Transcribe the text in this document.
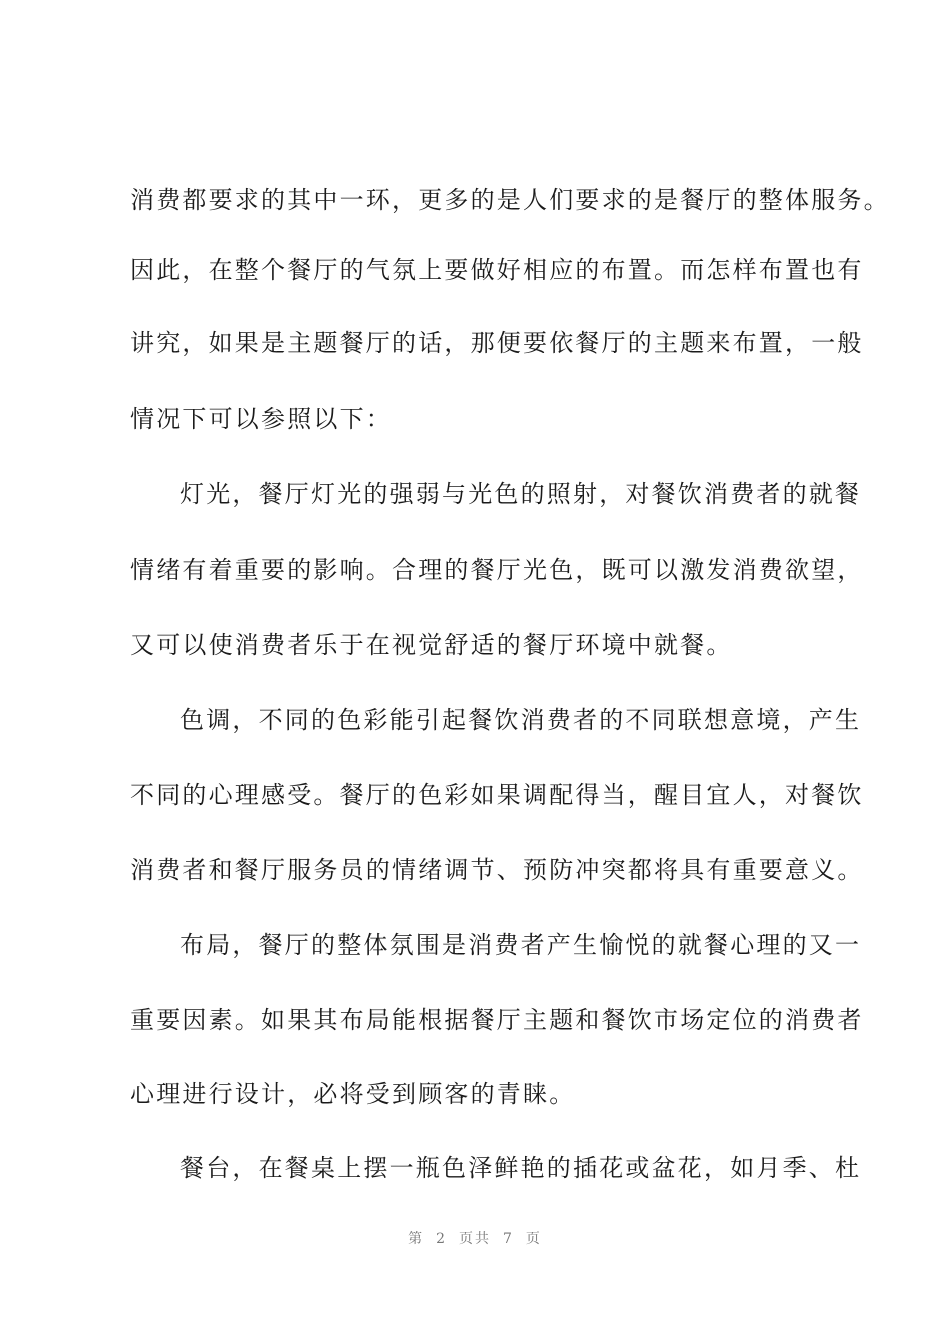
消费都要求的其中一环，更多的是人们要求的是餐厅的整体服务。
因此，在整个餐厅的气氛上要做好相应的布置。而怎样布置也有
讲究，如果是主题餐厅的话，那便要依餐厅的主题来布置，一般
情况下可以参照以下：
灯光，餐厅灯光的强弱与光色的照射，对餐饮消费者的就餐
情绪有着重要的影响。合理的餐厅光色，既可以激发消费欲望，
又可以使消费者乐于在视觉舒适的餐厅环境中就餐。
色调，不同的色彩能引起餐饮消费者的不同联想意境，产生
不同的心理感受。餐厅的色彩如果调配得当，醒目宜人，对餐饮
消费者和餐厅服务员的情绪调节、预防冲突都将具有重要意义。
布局，餐厅的整体氛围是消费者产生愉悦的就餐心理的又一
重要因素。如果其布局能根据餐厅主题和餐饮市场定位的消费者
心理进行设计，必将受到顾客的青睐。
餐台，在餐桌上摆一瓶色泽鲜艳的插花或盆花，如月季、杜
第 2 页共 7 页
